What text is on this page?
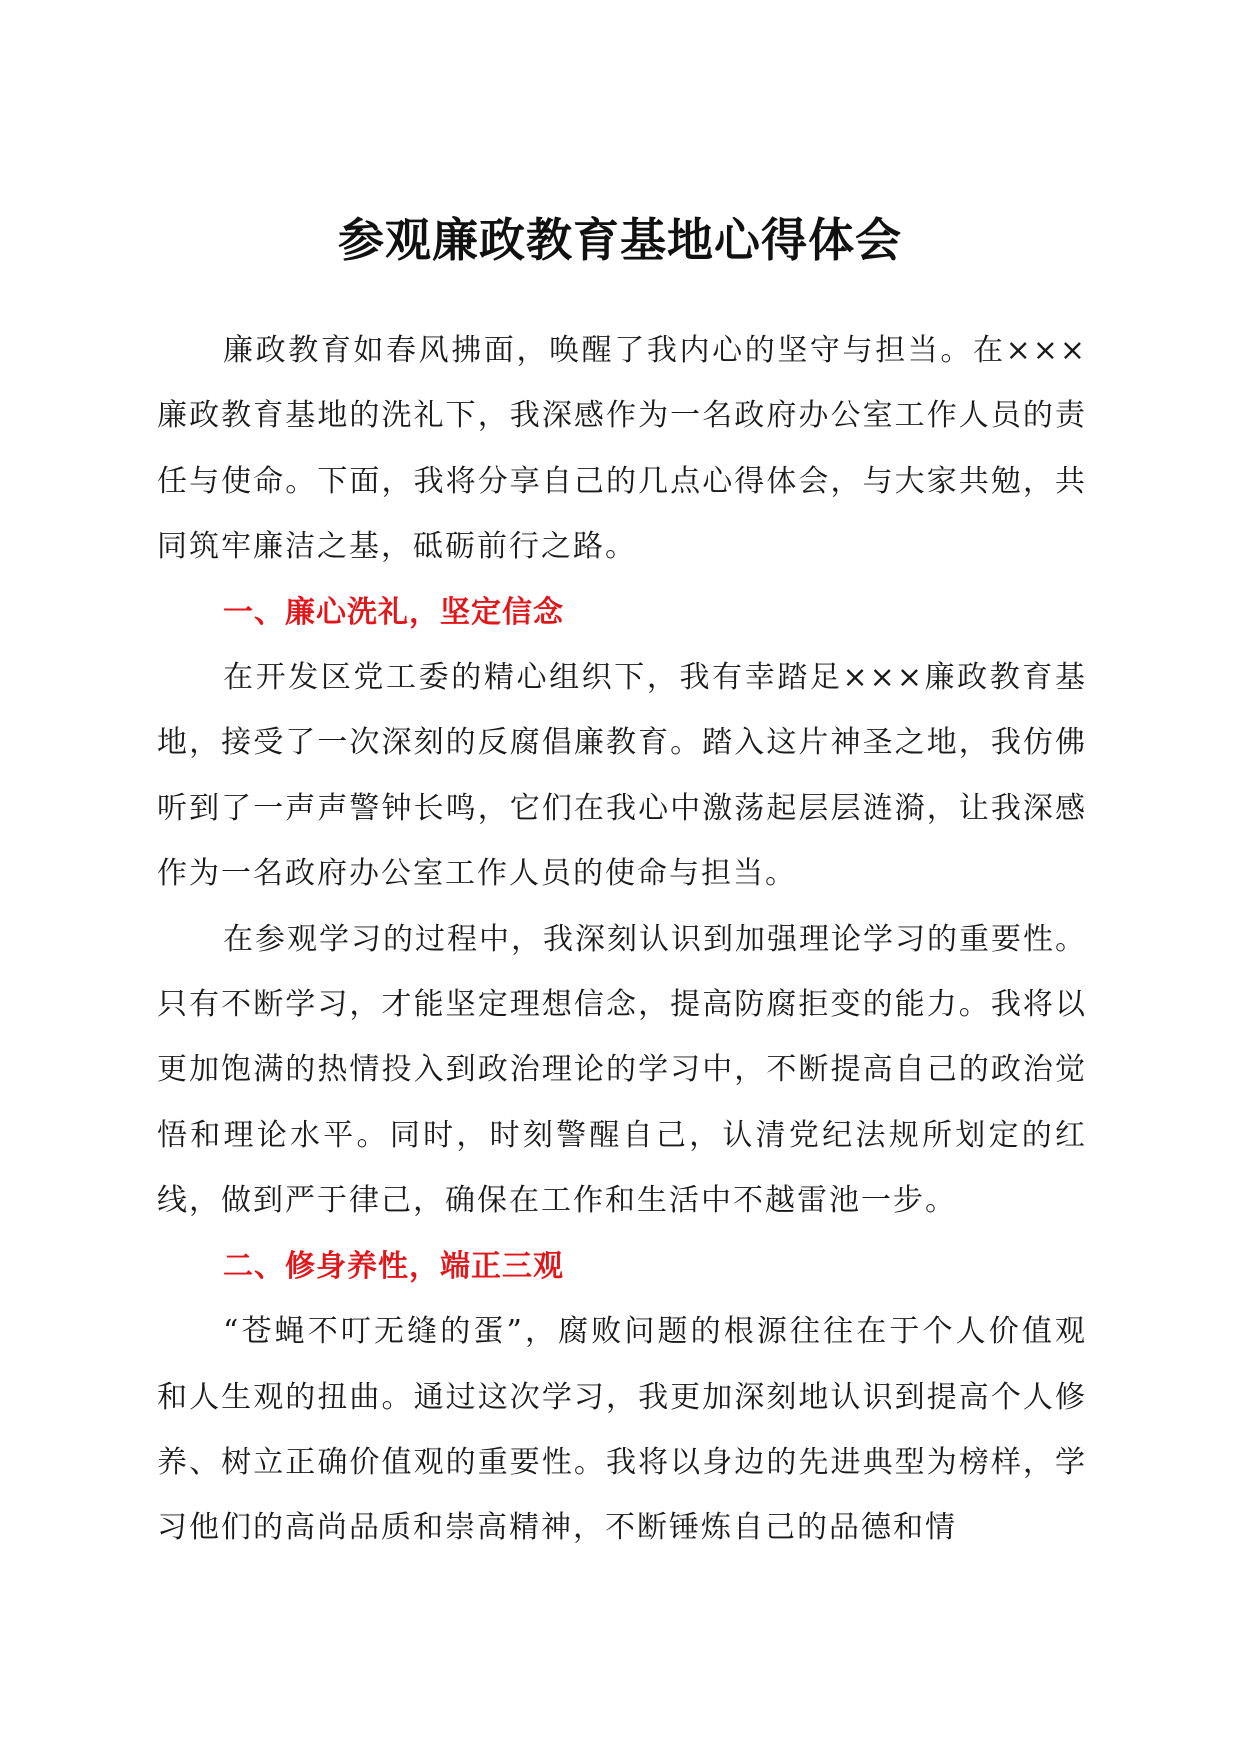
参观廉政教育基地心得体会

廉政教育如春风拂面，唤醒了我内心的坚守与担当。在×××廉政教育基地的洗礼下，我深感作为一名政府办公室工作人员的责任与使命。下面，我将分享自己的几点心得体会，与大家共勉，共同筑牢廉洁之基，砥砺前行之路。

一、廉心洗礼，坚定信念

在开发区党工委的精心组织下，我有幸踏足×××廉政教育基地，接受了一次深刻的反腐倡廉教育。踏入这片神圣之地，我仿佛听到了一声声警钟长鸣，它们在我心中激荡起层层涟漪，让我深感作为一名政府办公室工作人员的使命与担当。

在参观学习的过程中，我深刻认识到加强理论学习的重要性。只有不断学习，才能坚定理想信念，提高防腐拒变的能力。我将以更加饱满的热情投入到政治理论的学习中，不断提高自己的政治觉悟和理论水平。同时，时刻警醒自己，认清党纪法规所划定的红线，做到严于律己，确保在工作和生活中不越雷池一步。

二、修身养性，端正三观

“苍蝇不叮无缝的蛋”，腐败问题的根源往往在于个人价值观和人生观的扭曲。通过这次学习，我更加深刻地认识到提高个人修养、树立正确价值观的重要性。我将以身边的先进典型为榜样，学习他们的高尚品质和崇高精神，不断锤炼自己的品德和情
